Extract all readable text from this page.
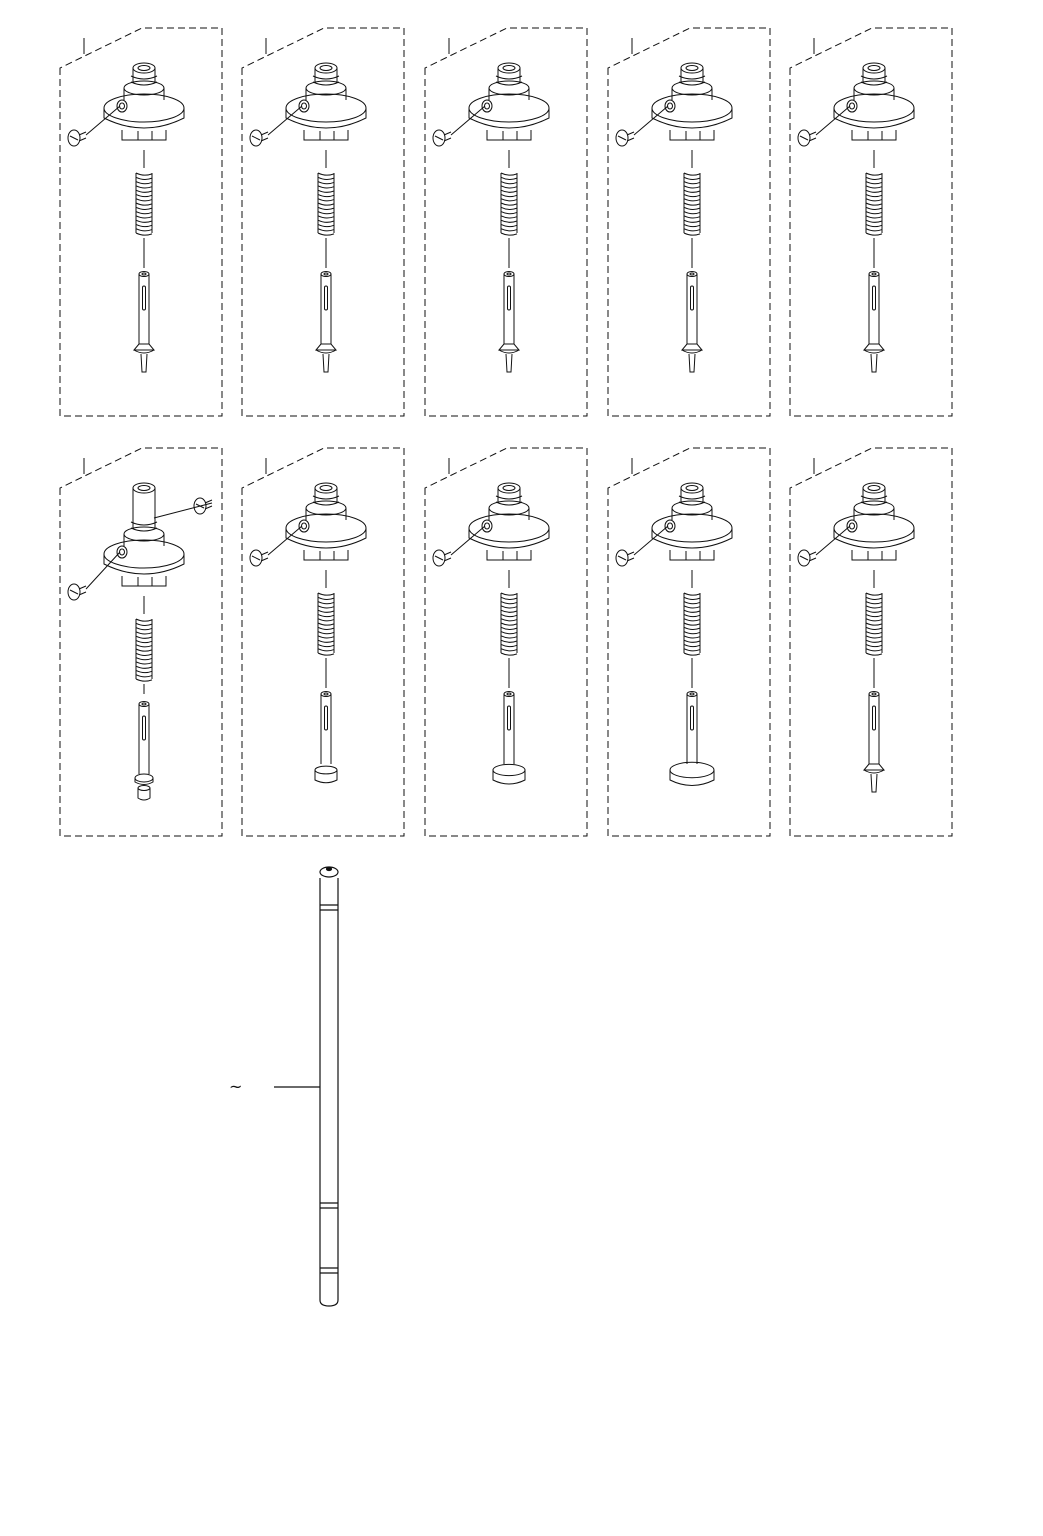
~
